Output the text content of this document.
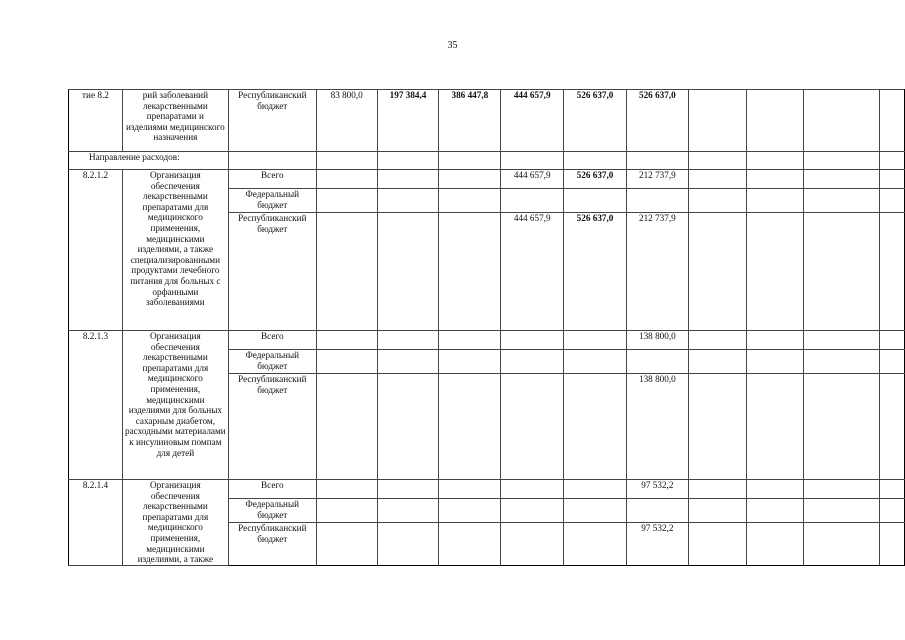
35
тие 8.2	рий заболеваний лекарственными препаратами и изделиями медицинского назначения	Республиканский бюджет	83 800,0	197 384,4	386 447,8	444 657,9	526 637,0	526 637,0				
Направление расходов:												
8.2.1.2	Организация обеспечения лекарственными препаратами для медицинского применения, медицинскими изделиями, а также специализированными продуктами лечебного питания для больных с орфанными заболеваниями	Всего				444 657,9	526 637,0	212 737,9				
		Федеральный бюджет										
		Республиканский бюджет				444 657,9	526 637,0	212 737,9				
8.2.1.3	Организация обеспечения лекарственными препаратами для медицинского применения, медицинскими изделиями для больных сахарным диабетом, расходными материалами к инсулиновым помпам для детей	Всего						138 800,0				
		Федеральный бюджет										
		Республиканский бюджет						138 800,0				
8.2.1.4	Организация обеспечения лекарственными препаратами для медицинского применения, медицинскими изделиями, а также	Всего						97 532,2				
		Федеральный бюджет										
		Республиканский бюджет						97 532,2				
